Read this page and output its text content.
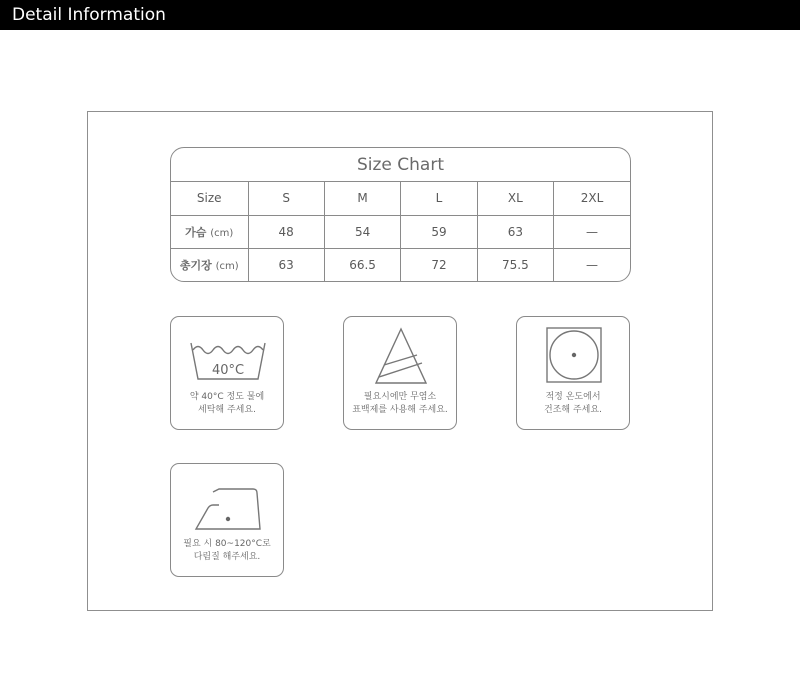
Detail Information
Size Chart
Size	S	M	L	XL	2XL
가슴 (cm)	48	54	59	63	—
총기장 (cm)	63	66.5	72	75.5	—
40°C
약 40°C 정도 물에
세탁해 주세요.
필요시에만 무염소
표백제를 사용해 주세요.
적정 온도에서
건조해 주세요.
필요 시 80~120°C로
다림질 해주세요.
